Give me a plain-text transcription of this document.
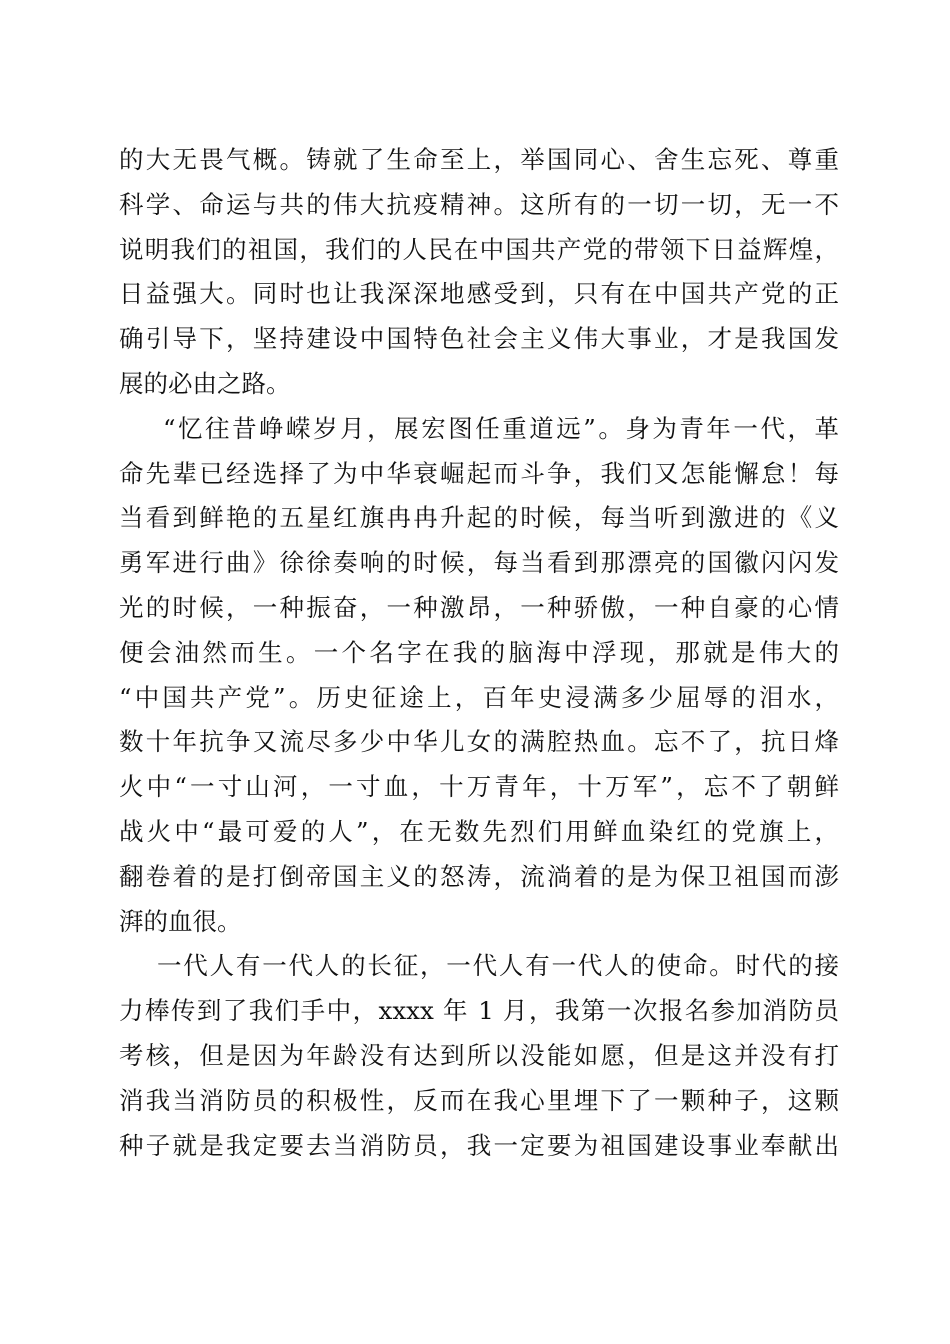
的大无畏气概。铸就了生命至上，举国同心、舍生忘死、尊重
科学、命运与共的伟大抗疫精神。这所有的一切一切，无一不
说明我们的祖国，我们的人民在中国共产党的带领下日益辉煌，
日益强大。同时也让我深深地感受到，只有在中国共产党的正
确引导下，坚持建设中国特色社会主义伟大事业，才是我国发
展的必由之路。
“忆往昔峥嵘岁月，展宏图任重道远”。身为青年一代，革
命先辈已经选择了为中华衰崛起而斗争，我们又怎能懈怠！每
当看到鲜艳的五星红旗冉冉升起的时候，每当听到激进的《义
勇军进行曲》徐徐奏响的时候，每当看到那漂亮的国徽闪闪发
光的时候，一种振奋，一种激昂，一种骄傲，一种自豪的心情
便会油然而生。一个名字在我的脑海中浮现，那就是伟大的
“中国共产党”。历史征途上，百年史浸满多少屈辱的泪水，
数十年抗争又流尽多少中华儿女的满腔热血。忘不了，抗日烽
火中“一寸山河，一寸血，十万青年，十万军”，忘不了朝鲜
战火中“最可爱的人”，在无数先烈们用鲜血染红的党旗上，
翻卷着的是打倒帝国主义的怒涛，流淌着的是为保卫祖国而澎
湃的血很。
一代人有一代人的长征，一代人有一代人的使命。时代的接
力棒传到了我们手中，xxxx 年 1 月，我第一次报名参加消防员
考核，但是因为年龄没有达到所以没能如愿，但是这并没有打
消我当消防员的积极性，反而在我心里埋下了一颗种子，这颗
种子就是我定要去当消防员，我一定要为祖国建设事业奉献出
